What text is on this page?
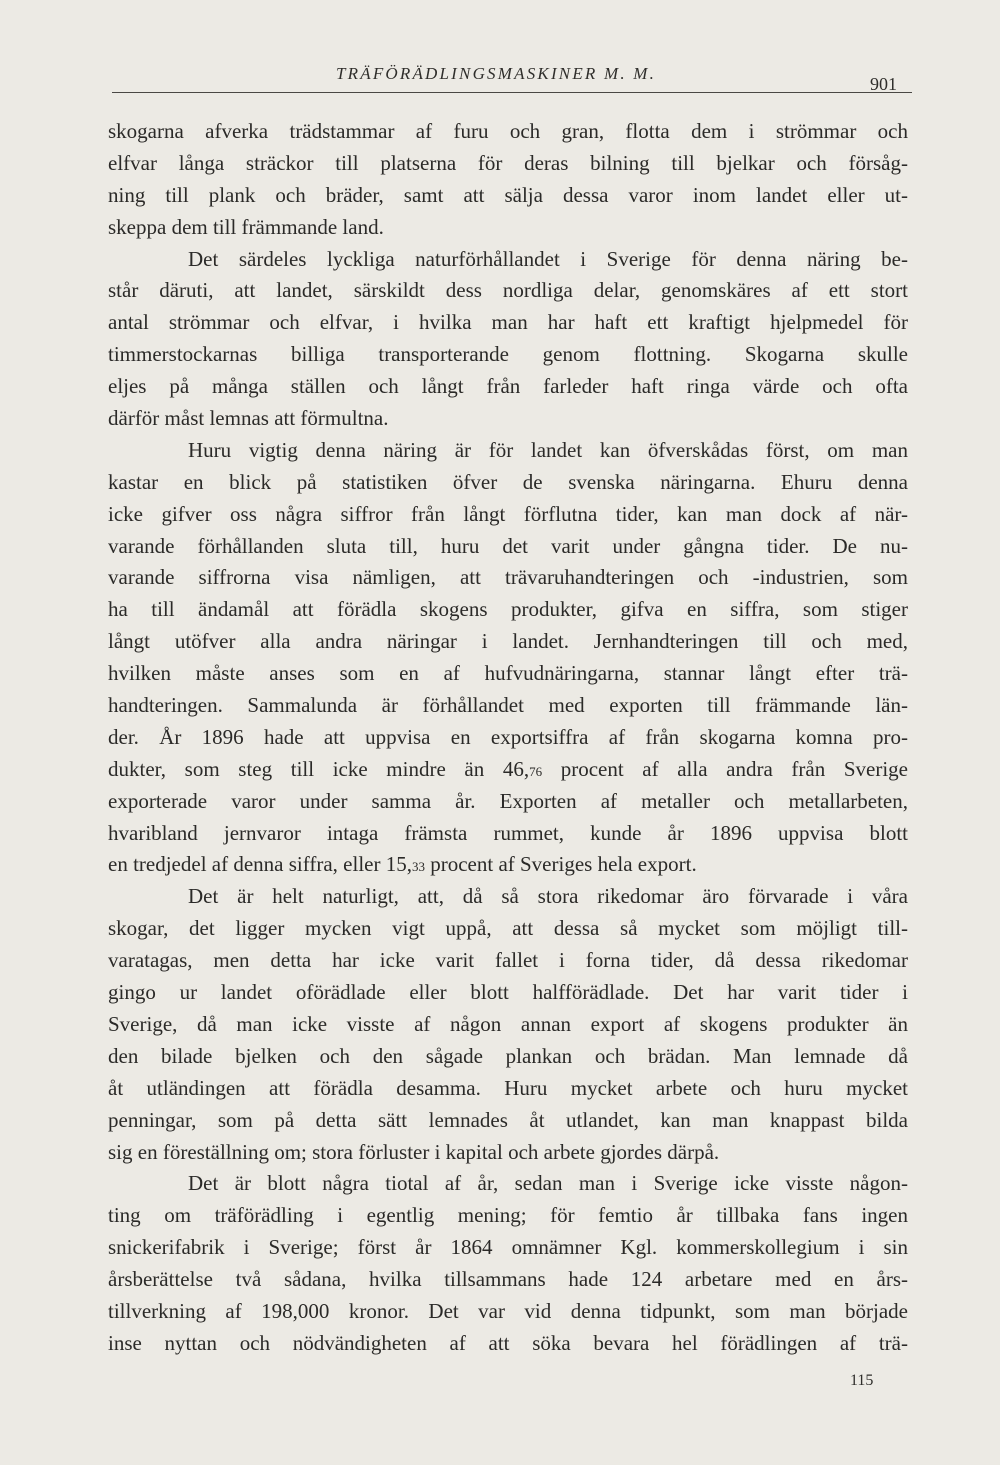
TRÄFÖRÄDLINGSMASKINER M. M.
901
skogarna afverka trädstammar af furu och gran, flotta dem i strömmar och
elfvar långa sträckor till platserna för deras bilning till bjelkar och försåg-
ning till plank och bräder, samt att sälja dessa varor inom landet eller ut-
skeppa dem till främmande land.
Det särdeles lyckliga naturförhållandet i Sverige för denna näring be-
står däruti, att landet, särskildt dess nordliga delar, genomskäres af ett stort
antal strömmar och elfvar, i hvilka man har haft ett kraftigt hjelpmedel för
timmerstockarnas billiga transporterande genom flottning. Skogarna skulle
eljes på många ställen och långt från farleder haft ringa värde och ofta
därför måst lemnas att förmultna.
Huru vigtig denna näring är för landet kan öfverskådas först, om man
kastar en blick på statistiken öfver de svenska näringarna. Ehuru denna
icke gifver oss några siffror från långt förflutna tider, kan man dock af när-
varande förhållanden sluta till, huru det varit under gångna tider. De nu-
varande siffrorna visa nämligen, att trävaruhandteringen och -industrien, som
ha till ändamål att förädla skogens produkter, gifva en siffra, som stiger
långt utöfver alla andra näringar i landet. Jernhandteringen till och med,
hvilken måste anses som en af hufvudnäringarna, stannar långt efter trä-
handteringen. Sammalunda är förhållandet med exporten till främmande län-
der. År 1896 hade att uppvisa en exportsiffra af från skogarna komna pro-
dukter, som steg till icke mindre än 46,76 procent af alla andra från Sverige
exporterade varor under samma år. Exporten af metaller och metallarbeten,
hvaribland jernvaror intaga främsta rummet, kunde år 1896 uppvisa blott
en tredjedel af denna siffra, eller 15,33 procent af Sveriges hela export.
Det är helt naturligt, att, då så stora rikedomar äro förvarade i våra
skogar, det ligger mycken vigt uppå, att dessa så mycket som möjligt till-
varatagas, men detta har icke varit fallet i forna tider, då dessa rikedomar
gingo ur landet oförädlade eller blott halfförädlade. Det har varit tider i
Sverige, då man icke visste af någon annan export af skogens produkter än
den bilade bjelken och den sågade plankan och brädan. Man lemnade då
åt utländingen att förädla desamma. Huru mycket arbete och huru mycket
penningar, som på detta sätt lemnades åt utlandet, kan man knappast bilda
sig en föreställning om; stora förluster i kapital och arbete gjordes därpå.
Det är blott några tiotal af år, sedan man i Sverige icke visste någon-
ting om träförädling i egentlig mening; för femtio år tillbaka fans ingen
snickerifabrik i Sverige; först år 1864 omnämner Kgl. kommerskollegium i sin
årsberättelse två sådana, hvilka tillsammans hade 124 arbetare med en års-
tillverkning af 198,000 kronor. Det var vid denna tidpunkt, som man började
inse nyttan och nödvändigheten af att söka bevara hel förädlingen af trä-
115
